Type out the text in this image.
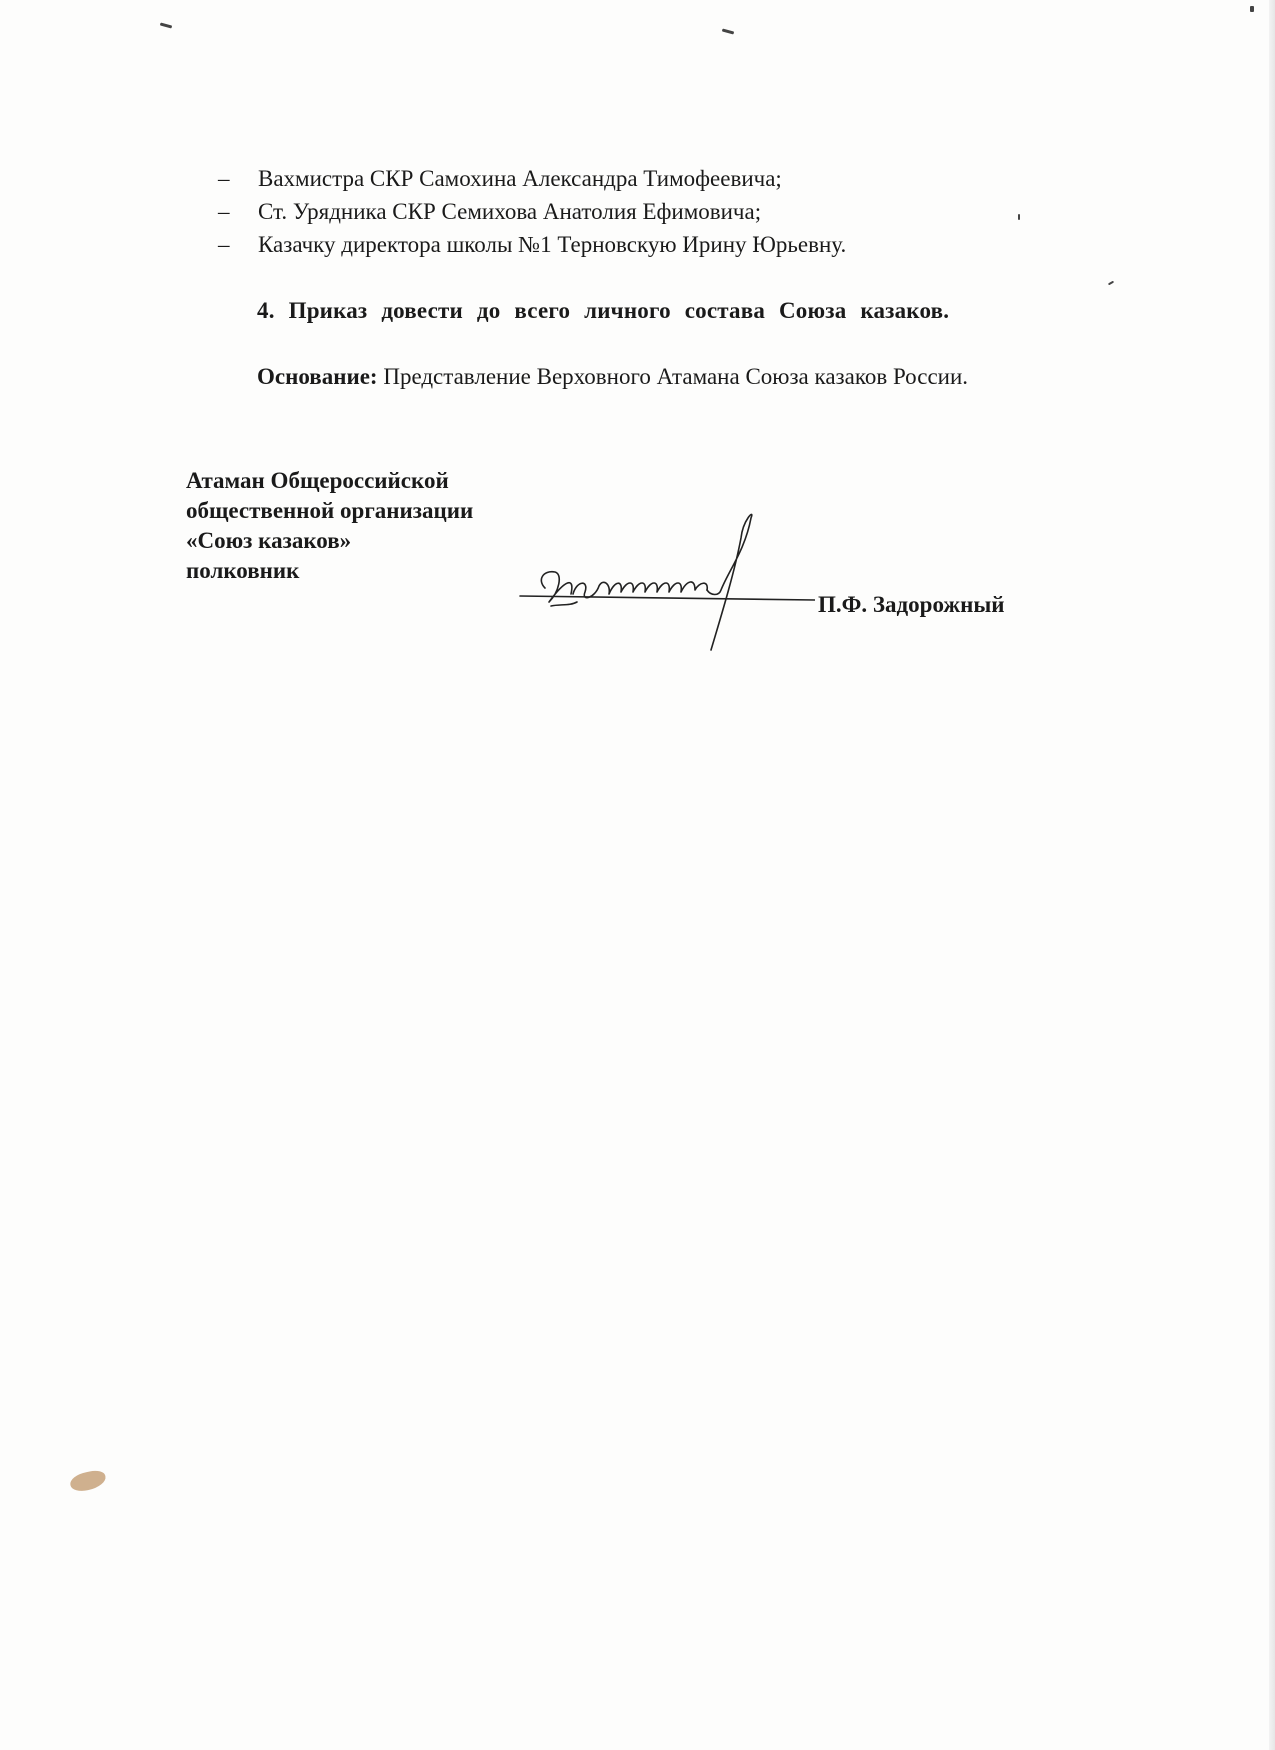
– Вахмистра СКР Самохина Александра Тимофеевича;
– Ст. Урядника СКР Семихова Анатолия Ефимовича;
– Казачку директора школы №1 Терновскую Ирину Юрьевну.
4. Приказ довести до всего личного состава Союза казаков.
Основание: Представление Верховного Атамана Союза казаков России.
Атаман Общероссийской
общественной организации
«Союз казаков»
полковник
П.Ф. Задорожный
